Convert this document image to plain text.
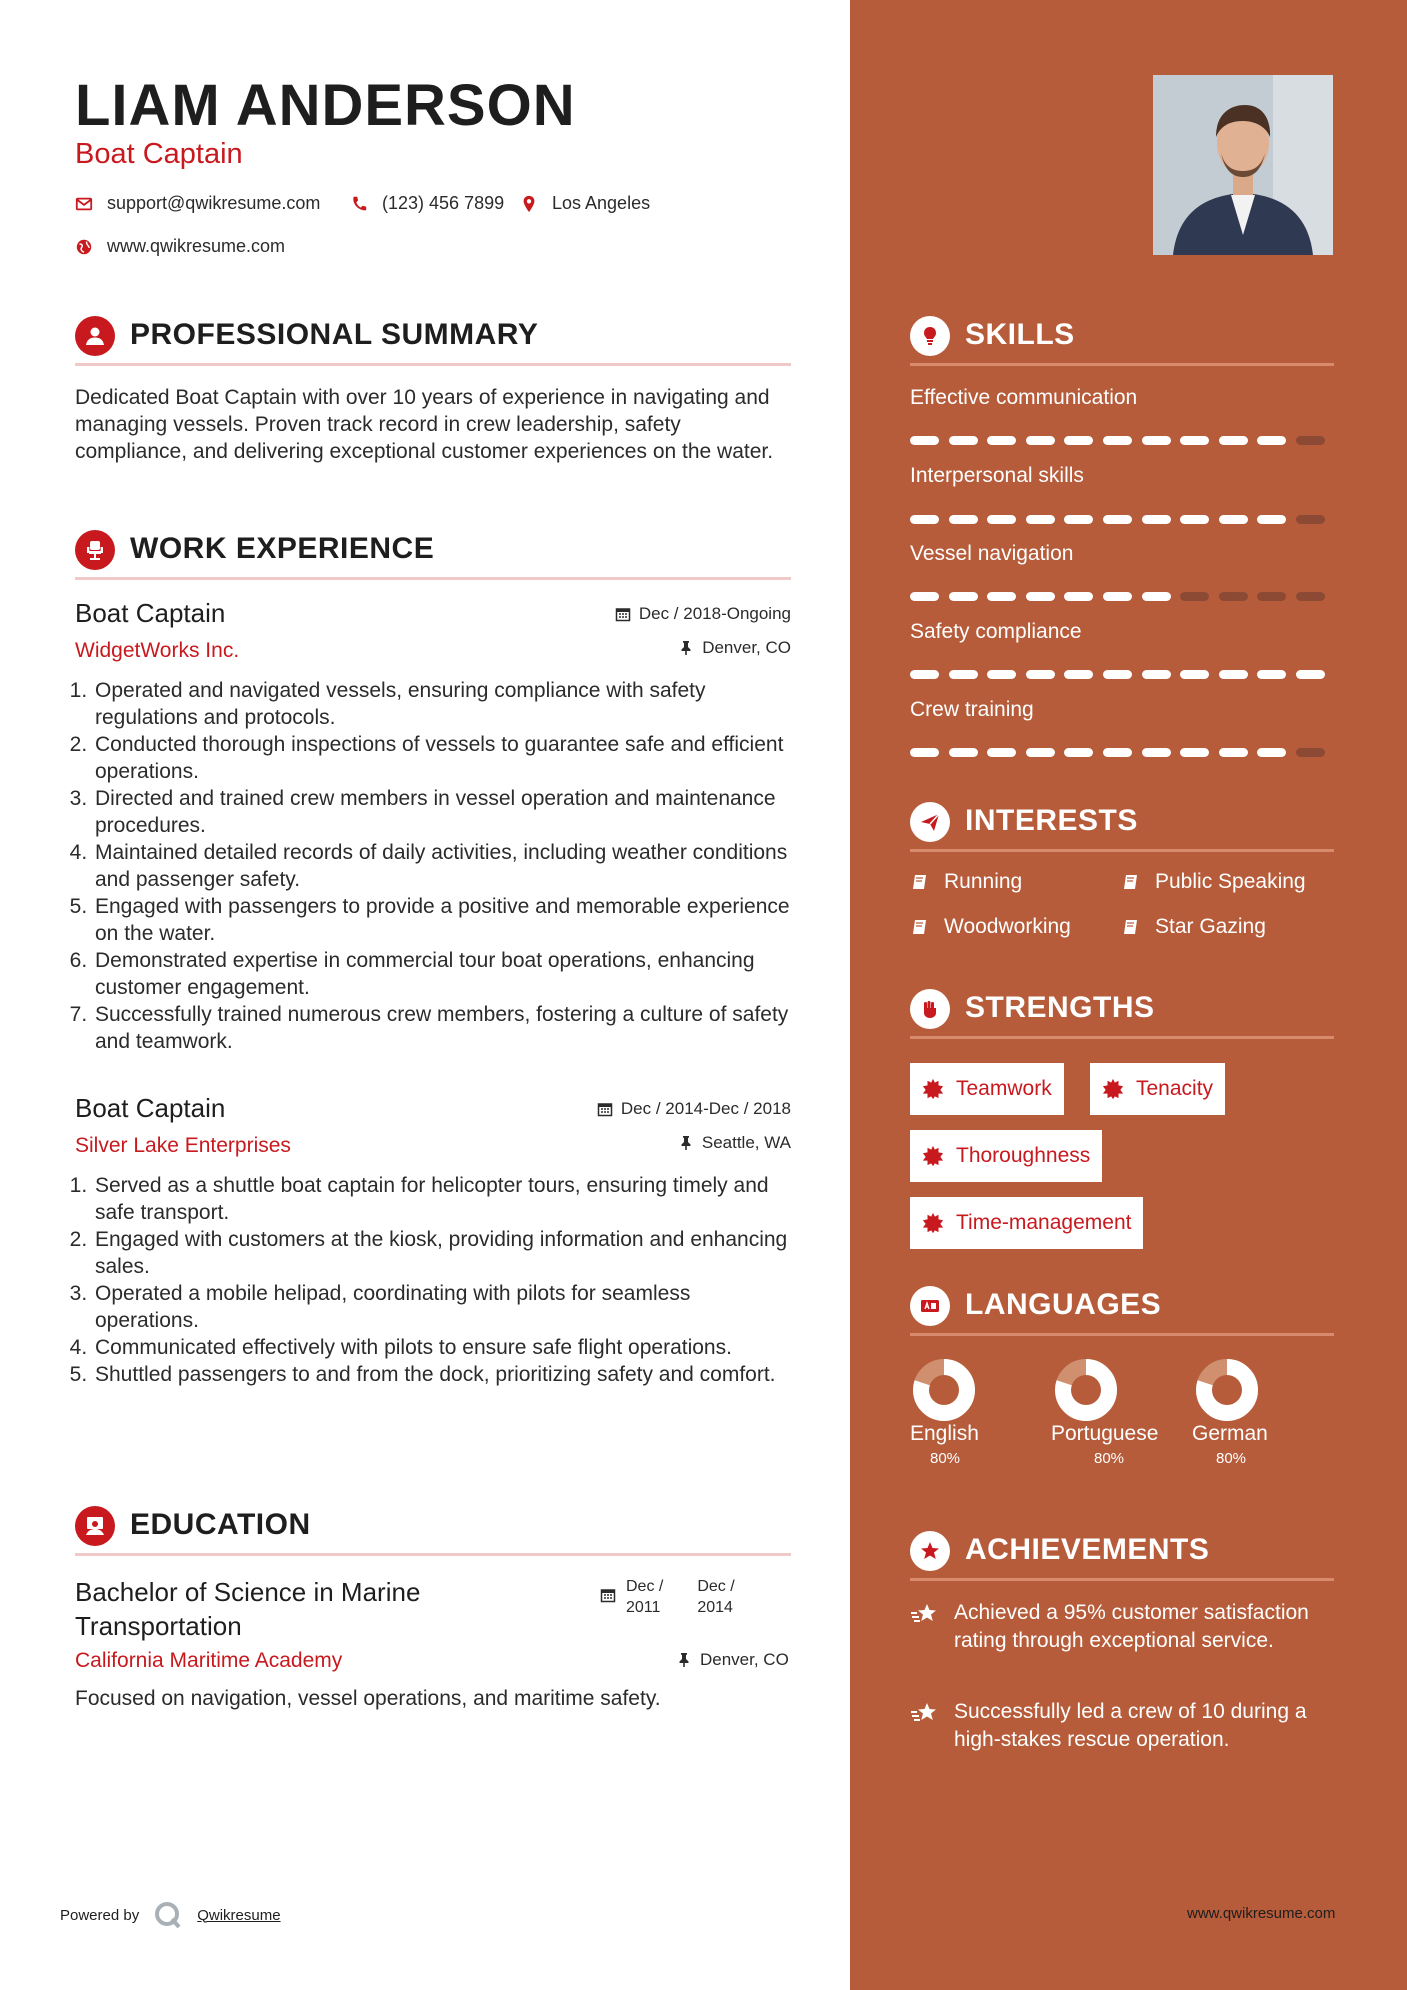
LIAM ANDERSON
Boat Captain
support@qwikresume.com	(123) 456 7899	Los Angeles
www.qwikresume.com
PROFESSIONAL SUMMARY
Dedicated Boat Captain with over 10 years of experience in navigating and managing vessels. Proven track record in crew leadership, safety compliance, and delivering exceptional customer experiences on the water.
WORK EXPERIENCE
Boat Captain
WidgetWorks Inc.
Dec / 2018-Ongoing
Denver, CO
1. Operated and navigated vessels, ensuring compliance with safety regulations and protocols.
2. Conducted thorough inspections of vessels to guarantee safe and efficient operations.
3. Directed and trained crew members in vessel operation and maintenance procedures.
4. Maintained detailed records of daily activities, including weather conditions and passenger safety.
5. Engaged with passengers to provide a positive and memorable experience on the water.
6. Demonstrated expertise in commercial tour boat operations, enhancing customer engagement.
7. Successfully trained numerous crew members, fostering a culture of safety and teamwork.
Boat Captain
Silver Lake Enterprises
Dec / 2014-Dec / 2018
Seattle, WA
1. Served as a shuttle boat captain for helicopter tours, ensuring timely and safe transport.
2. Engaged with customers at the kiosk, providing information and enhancing sales.
3. Operated a mobile helipad, coordinating with pilots for seamless operations.
4. Communicated effectively with pilots to ensure safe flight operations.
5. Shuttled passengers to and from the dock, prioritizing safety and comfort.
EDUCATION
Bachelor of Science in Marine
Transportation
Dec /
2011
Dec /
2014
California Maritime Academy	Denver, CO
Focused on navigation, vessel operations, and maritime safety.
Powered by	Qwikresume
SKILLS
Effective communication
Interpersonal skills
Vessel navigation
Safety compliance
Crew training
INTERESTS
Running	Public Speaking
Woodworking	Star Gazing
STRENGTHS
Teamwork	Tenacity
Thoroughness
Time-management
LANGUAGES
English
80%
Portuguese
80%
German
80%
ACHIEVEMENTS
Achieved a 95% customer satisfaction rating through exceptional service.
Successfully led a crew of 10 during a high-stakes rescue operation.
www.qwikresume.com
